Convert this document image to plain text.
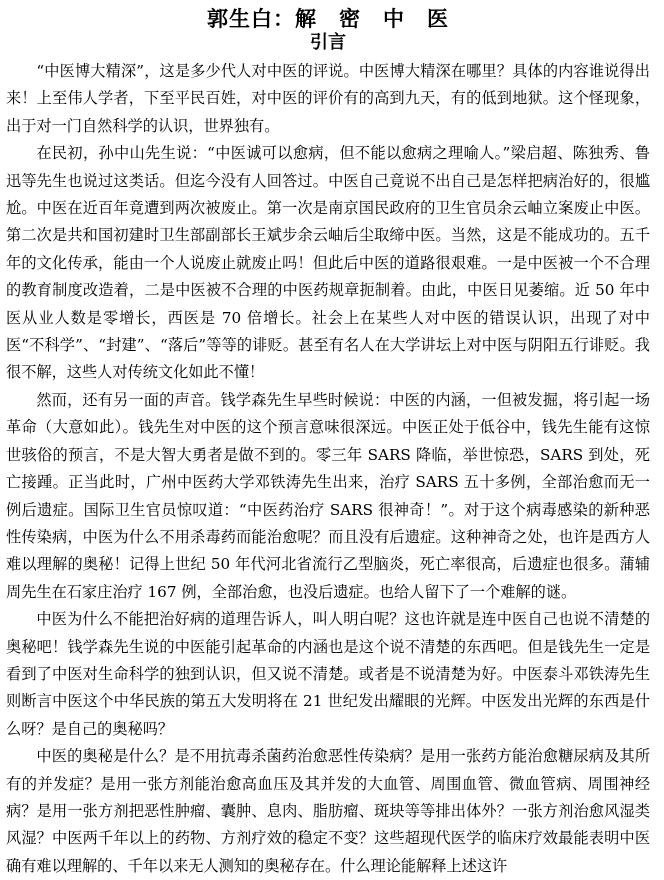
郭生白：解　密　中　医
引言

“中医博大精深”，这是多少代人对中医的评说。中医博大精深在哪里？具体的内容谁说得出来！上至伟人学者，下至平民百姓，对中医的评价有的高到九天，有的低到地狱。这个怪现象，出于对一门自然科学的认识，世界独有。

在民初，孙中山先生说：“中医诚可以愈病，但不能以愈病之理喻人。”梁启超、陈独秀、鲁迅等先生也说过这类话。但迄今没有人回答过。中医自己竟说不出自己是怎样把病治好的，很尴尬。中医在近百年竟遭到两次被废止。第一次是南京国民政府的卫生官员余云岫立案废止中医。第二次是共和国初建时卫生部副部长王斌步余云岫后尘取缔中医。当然，这是不能成功的。五千年的文化传承，能由一个人说废止就废止吗！但此后中医的道路很艰难。一是中医被一个不合理的教育制度改造着，二是中医被不合理的中医药规章扼制着。由此，中医日见萎缩。近 50 年中医从业人数是零增长，西医是 70 倍增长。社会上在某些人对中医的错误认识，出现了对中医“不科学”、“封建”、“落后”等等的诽贬。甚至有名人在大学讲坛上对中医与阴阳五行诽贬。我很不解，这些人对传统文化如此不懂！

然而，还有另一面的声音。钱学森先生早些时候说：中医的内涵，一但被发掘，将引起一场革命（大意如此）。钱先生对中医的这个预言意味很深远。中医正处于低谷中，钱先生能有这惊世骇俗的预言，不是大智大勇者是做不到的。零三年 SARS 降临，举世惊恐，SARS 到处，死亡接踵。正当此时，广州中医药大学邓铁涛先生出来，治疗 SARS 五十多例，全部治愈而无一例后遗症。国际卫生官员惊叹道：“中医药治疗 SARS 很神奇！”。对于这个病毒感染的新种恶性传染病，中医为什么不用杀毒药而能治愈呢？而且没有后遗症。这种神奇之处，也许是西方人难以理解的奥秘！记得上世纪 50 年代河北省流行乙型脑炎，死亡率很高，后遗症也很多。蒲辅周先生在石家庄治疗 167 例，全部治愈，也没后遗症。也给人留下了一个难解的谜。

中医为什么不能把治好病的道理告诉人，叫人明白呢？这也许就是连中医自己也说不清楚的奥秘吧！钱学森先生说的中医能引起革命的内涵也是这个说不清楚的东西吧。但是钱先生一定是看到了中医对生命科学的独到认识，但又说不清楚。或者是不说清楚为好。中医泰斗邓铁涛先生则断言中医这个中华民族的第五大发明将在 21 世纪发出耀眼的光辉。中医发出光辉的东西是什么呀？是自己的奥秘吗？

中医的奥秘是什么？是不用抗毒杀菌药治愈恶性传染病？是用一张药方能治愈糖尿病及其所有的并发症？是用一张方剂能治愈高血压及其并发的大血管、周围血管、微血管病、周围神经病？是用一张方剂把恶性肿瘤、囊肿、息肉、脂肪瘤、斑块等等排出体外？一张方剂治愈风湿类风湿？中医两千年以上的药物、方剂疗效的稳定不变？这些超现代医学的临床疗效最能表明中医确有难以理解的、千年以来无人测知的奥秘存在。什么理论能解释上述这许
